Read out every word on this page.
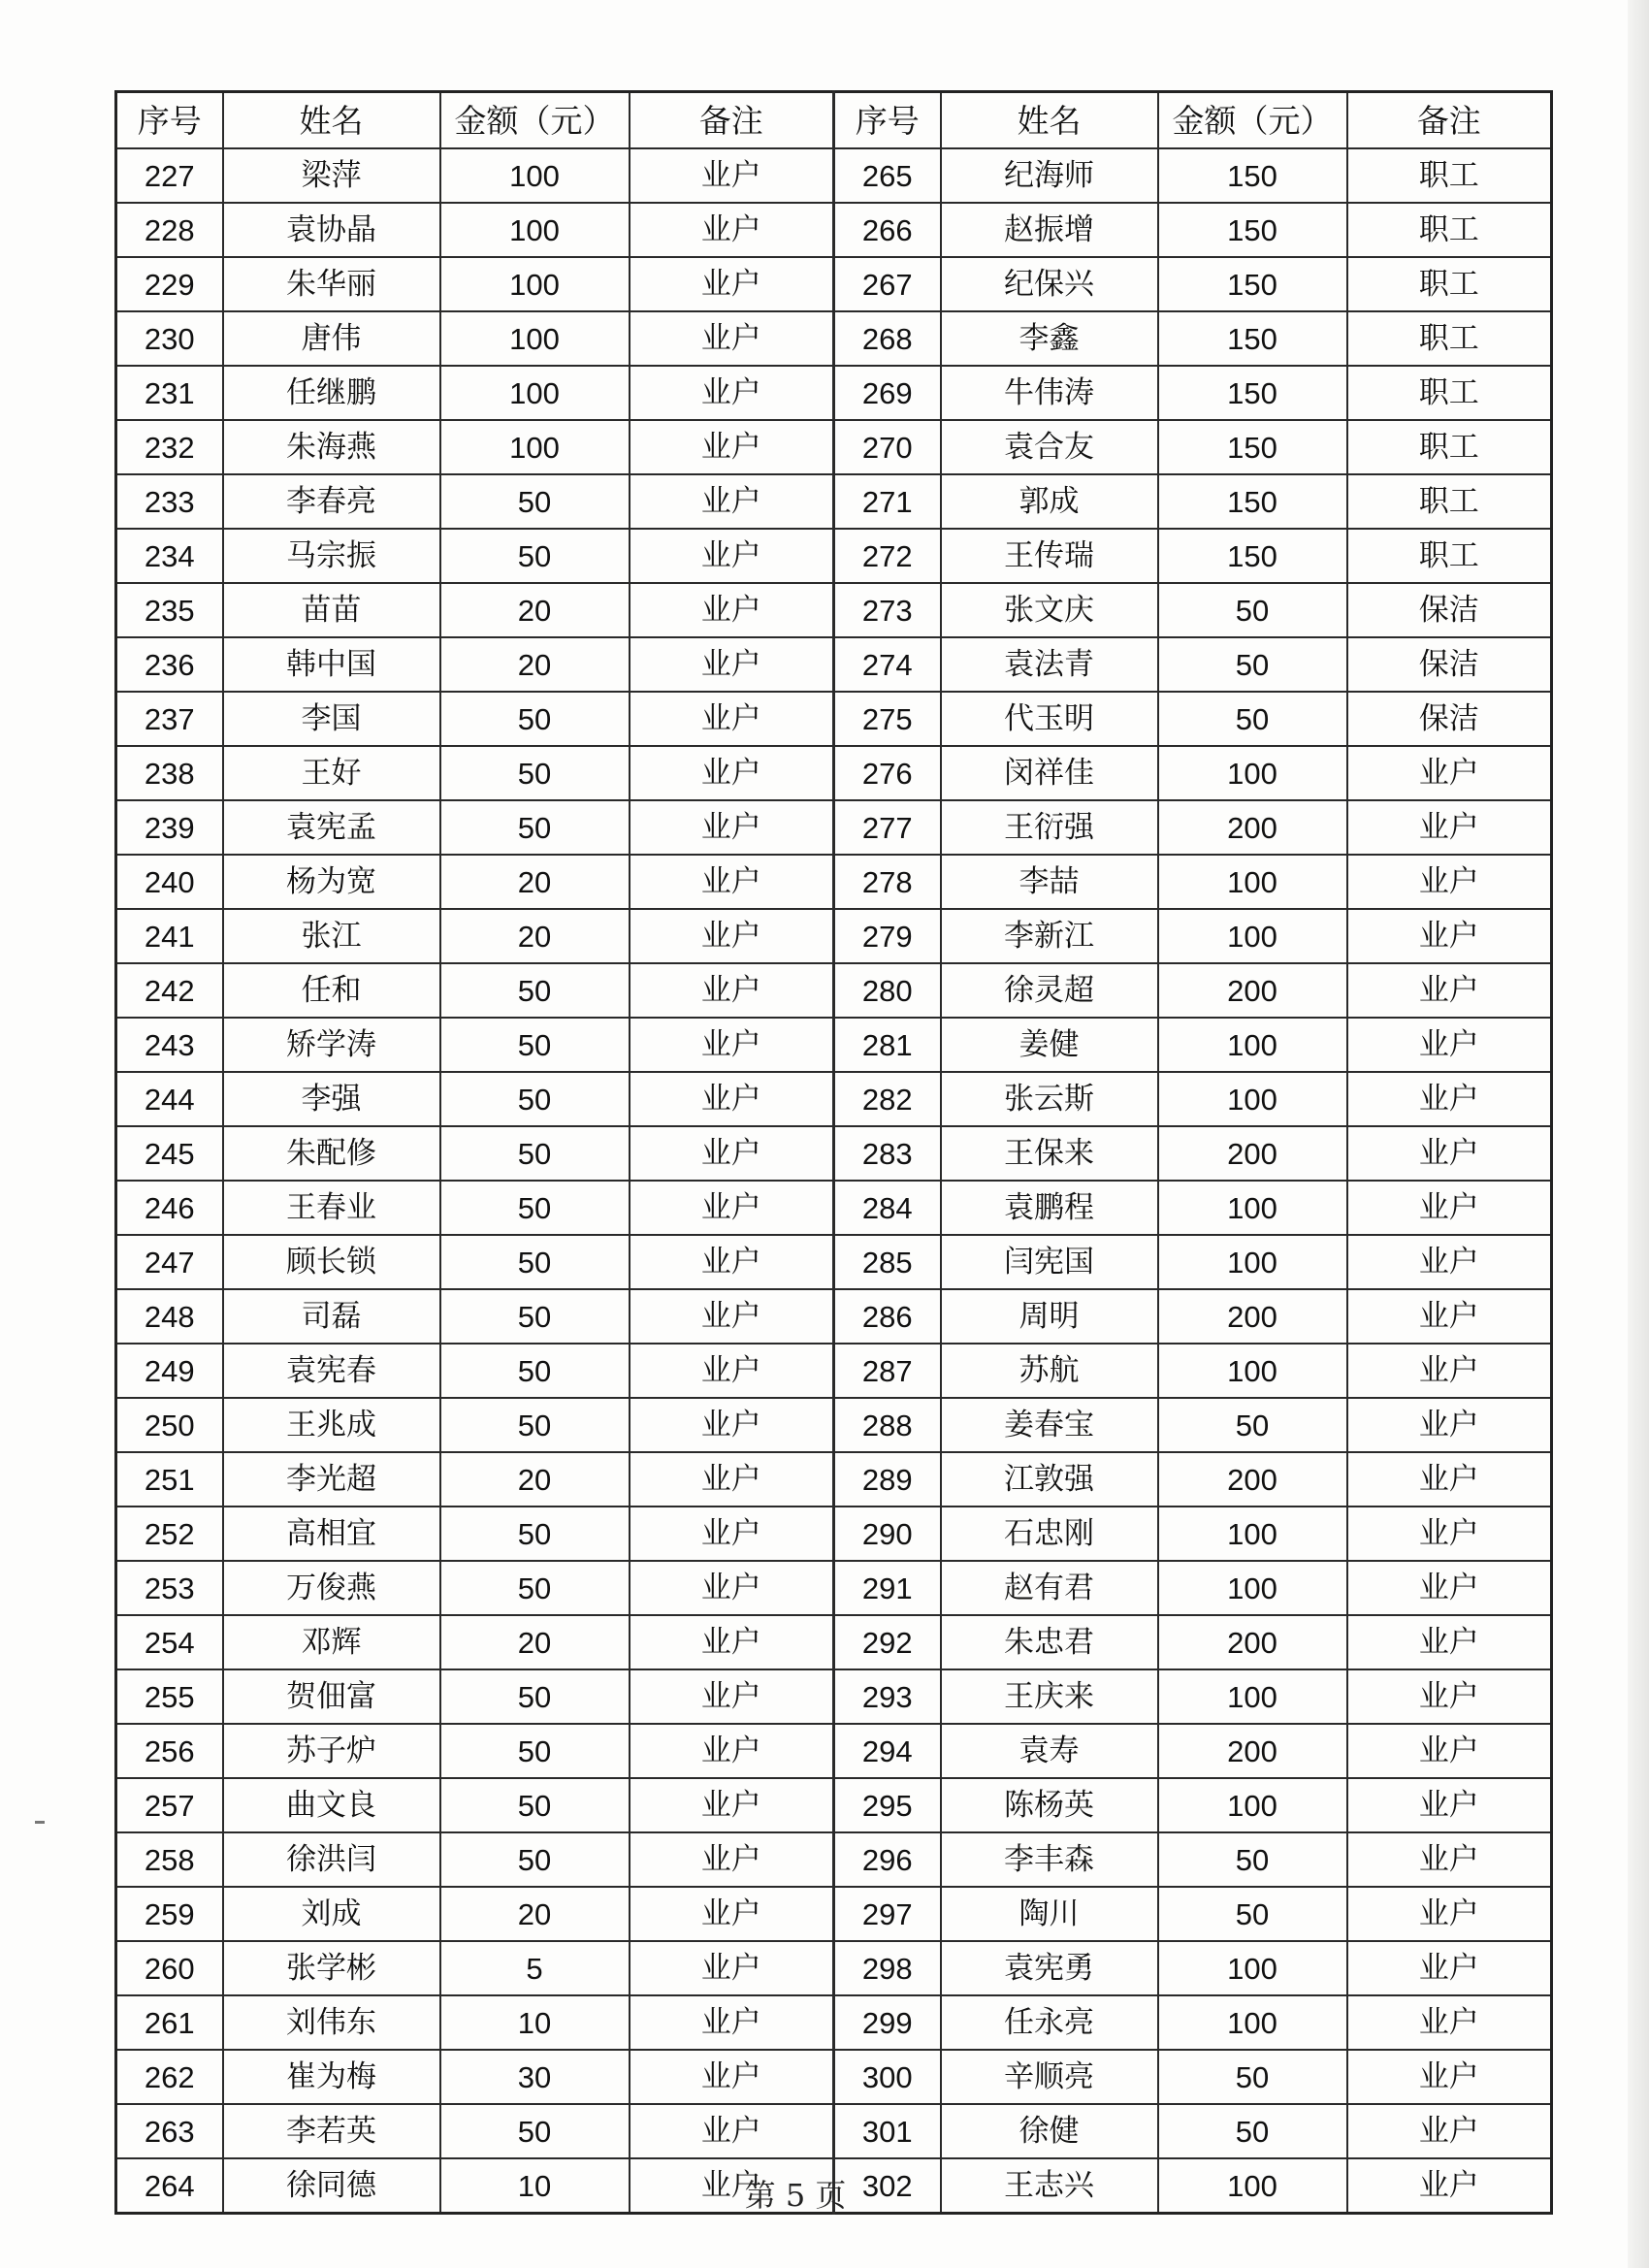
序号	姓名	金额（元）	备注	序号	姓名	金额（元）	备注
227	梁萍	100	业户	265	纪海师	150	职工
228	袁协晶	100	业户	266	赵振增	150	职工
229	朱华丽	100	业户	267	纪保兴	150	职工
230	唐伟	100	业户	268	李鑫	150	职工
231	任继鹏	100	业户	269	牛伟涛	150	职工
232	朱海燕	100	业户	270	袁合友	150	职工
233	李春亮	50	业户	271	郭成	150	职工
234	马宗振	50	业户	272	王传瑞	150	职工
235	苗苗	20	业户	273	张文庆	50	保洁
236	韩中国	20	业户	274	袁法青	50	保洁
237	李国	50	业户	275	代玉明	50	保洁
238	王好	50	业户	276	闵祥佳	100	业户
239	袁宪孟	50	业户	277	王衍强	200	业户
240	杨为宽	20	业户	278	李喆	100	业户
241	张江	20	业户	279	李新江	100	业户
242	任和	50	业户	280	徐灵超	200	业户
243	矫学涛	50	业户	281	姜健	100	业户
244	李强	50	业户	282	张云斯	100	业户
245	朱配修	50	业户	283	王保来	200	业户
246	王春业	50	业户	284	袁鹏程	100	业户
247	顾长锁	50	业户	285	闫宪国	100	业户
248	司磊	50	业户	286	周明	200	业户
249	袁宪春	50	业户	287	苏航	100	业户
250	王兆成	50	业户	288	姜春宝	50	业户
251	李光超	20	业户	289	江敦强	200	业户
252	高相宜	50	业户	290	石忠刚	100	业户
253	万俊燕	50	业户	291	赵有君	100	业户
254	邓辉	20	业户	292	朱忠君	200	业户
255	贺佃富	50	业户	293	王庆来	100	业户
256	苏子炉	50	业户	294	袁寿	200	业户
257	曲文良	50	业户	295	陈杨英	100	业户
258	徐洪闫	50	业户	296	李丰森	50	业户
259	刘成	20	业户	297	陶川	50	业户
260	张学彬	5	业户	298	袁宪勇	100	业户
261	刘伟东	10	业户	299	任永亮	100	业户
262	崔为梅	30	业户	300	辛顺亮	50	业户
263	李若英	50	业户	301	徐健	50	业户
264	徐同德	10	业户	302	王志兴	100	业户
第 5 页
